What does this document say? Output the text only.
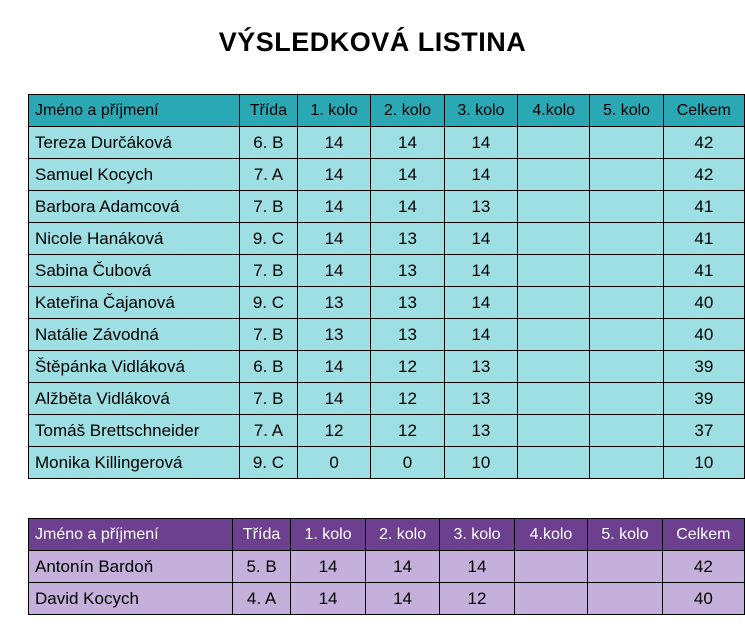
VÝSLEDKOVÁ LISTINA
Jméno a příjmení	Třída	1. kolo	2. kolo	3. kolo	4.kolo	5. kolo	Celkem
Tereza Durčáková	6. B	14	14	14			42
Samuel Kocych	7. A	14	14	14			42
Barbora Adamcová	7. B	14	14	13			41
Nicole Hanáková	9. C	14	13	14			41
Sabina Čubová	7. B	14	13	14			41
Kateřina Čajanová	9. C	13	13	14			40
Natálie Závodná	7. B	13	13	14			40
Štěpánka Vidláková	6. B	14	12	13			39
Alžběta Vidláková	7. B	14	12	13			39
Tomáš Brettschneider	7. A	12	12	13			37
Monika Killingerová	9. C	0	0	10			10
Jméno a příjmení	Třída	1. kolo	2. kolo	3. kolo	4.kolo	5. kolo	Celkem
Antonín Bardoň	5. B	14	14	14			42
David Kocych	4. A	14	14	12			40
